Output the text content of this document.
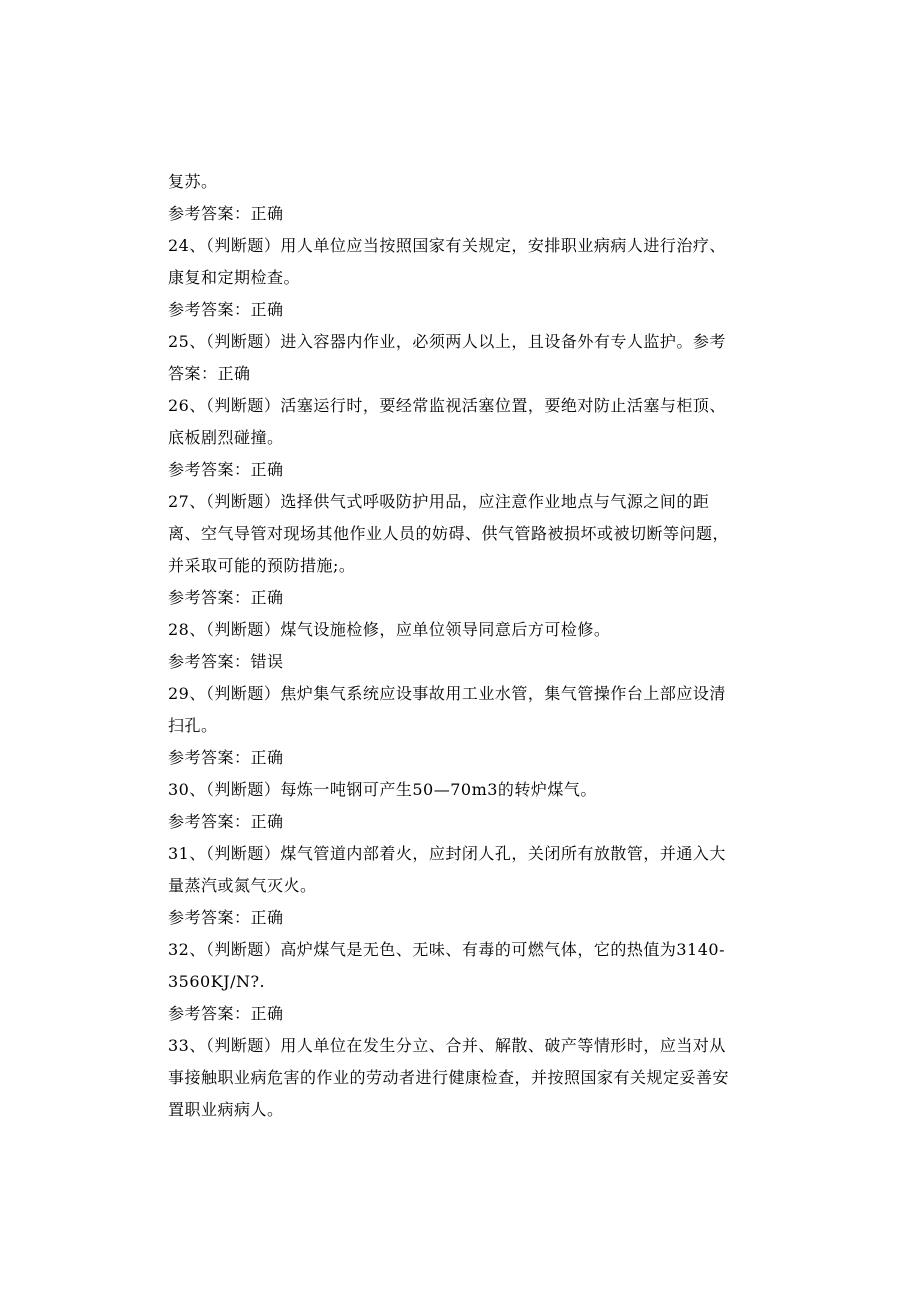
复苏。
参考答案：正确
24、（判断题）用人单位应当按照国家有关规定，安排职业病病人进行治疗、
康复和定期检查。
参考答案：正确
25、（判断题）进入容器内作业，必须两人以上，且设备外有专人监护。参考
答案：正确
26、（判断题）活塞运行时，要经常监视活塞位置，要绝对防止活塞与柜顶、
底板剧烈碰撞。
参考答案：正确
27、（判断题）选择供气式呼吸防护用品，应注意作业地点与气源之间的距
离、空气导管对现场其他作业人员的妨碍、供气管路被损坏或被切断等问题，
并采取可能的预防措施;。
参考答案：正确
28、（判断题）煤气设施检修，应单位领导同意后方可检修。
参考答案：错误
29、（判断题）焦炉集气系统应设事故用工业水管，集气管操作台上部应设清
扫孔。
参考答案：正确
30、（判断题）每炼一吨钢可产生50—70m3的转炉煤气。
参考答案：正确
31、（判断题）煤气管道内部着火，应封闭人孔，关闭所有放散管，并通入大
量蒸汽或氮气灭火。
参考答案：正确
32、（判断题）高炉煤气是无色、无味、有毒的可燃气体，它的热值为3140-
3560KJ/N?.
参考答案：正确
33、（判断题）用人单位在发生分立、合并、解散、破产等情形时，应当对从
事接触职业病危害的作业的劳动者进行健康检查，并按照国家有关规定妥善安
置职业病病人。
